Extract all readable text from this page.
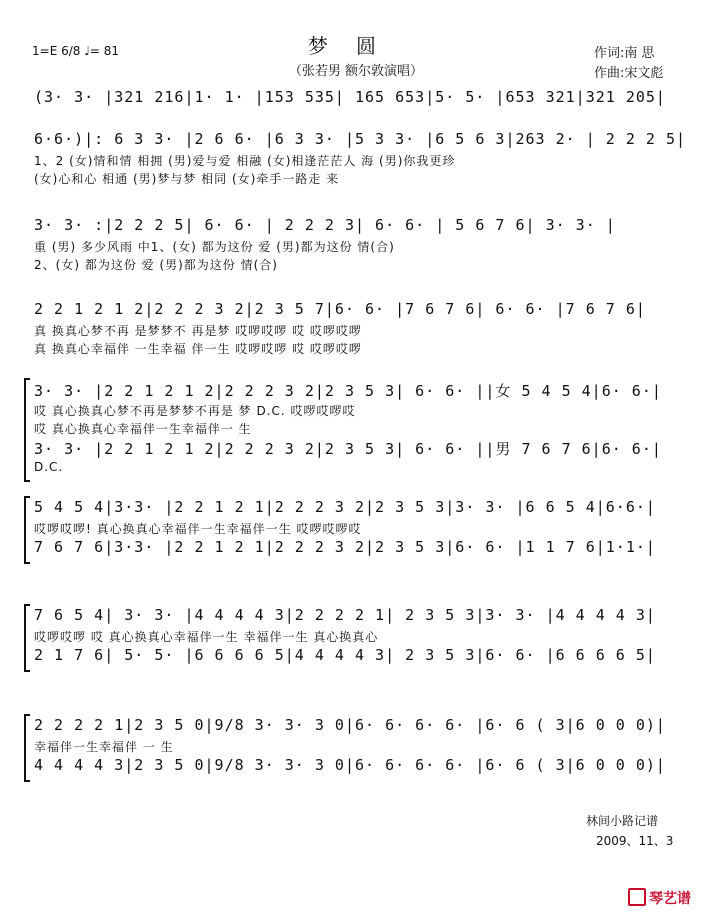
梦圆
（张若男 额尔敦演唱）
1=E 6/8 ♩= 81	作词:南 思
作曲:宋文彪
(3· 3· |321 216|1· 1· |153 535| 165 653|5· 5· |653 321|321 205|
6·6·)|: 6 3 3· |2 6 6· |6 3 3· |5 3 3· |6 5 6 3|263 2· | 2 2 2 5|
1、2 (女)情和情 相拥 (男)爱与爱 相融 (女)相逢茫茫人 海 (男)你我更珍
(女)心和心 相通 (男)梦与梦 相同 (女)牵手一路走 来
3· 3· :|2 2 2 5| 6· 6· | 2 2 2 3| 6· 6· | 5 6 7 6| 3· 3· |
重 (男) 多少风雨 中1、(女) 都为这份 爱 (男)都为这份 情(合)
2、(女) 都为这份 爱 (男)都为这份 情(合)
2 2 1 2 1 2|2 2 2 3 2|2 3 5 7|6· 6· |7 6 7 6| 6· 6· |7 6 7 6|
真 换真心梦不再 是梦梦不 再是梦 哎啰哎啰 哎 哎啰哎啰
真 换真心幸福伴 一生幸福 伴一生 哎啰哎啰 哎 哎啰哎啰
3· 3· |2 2 1 2 1 2|2 2 2 3 2|2 3 5 3| 6· 6· ||女 5 4 5 4|6· 6·|
哎 真心换真心梦不再是梦梦不再是 梦 D.C. 哎啰哎啰哎
哎 真心换真心幸福伴一生幸福伴一 生
3· 3· |2 2 1 2 1 2|2 2 2 3 2|2 3 5 3| 6· 6· ||男 7 6 7 6|6· 6·|
D.C.
5 4 5 4|3·3· |2 2 1 2 1|2 2 2 3 2|2 3 5 3|3· 3· |6 6 5 4|6·6·|
哎啰哎啰! 真心换真心幸福伴一生幸福伴一生 哎啰哎啰哎
7 6 7 6|3·3· |2 2 1 2 1|2 2 2 3 2|2 3 5 3|6· 6· |1 1 7 6|1·1·|
7 6 5 4| 3· 3· |4 4 4 4 3|2 2 2 2 1| 2 3 5 3|3· 3· |4 4 4 4 3|
哎啰哎啰 哎 真心换真心幸福伴一生 幸福伴一生 真心换真心
2 1 7 6| 5· 5· |6 6 6 6 5|4 4 4 4 3| 2 3 5 3|6· 6· |6 6 6 6 5|
2 2 2 2 1|2 3 5 0|9/8 3· 3· 3 0|6· 6· 6· 6· |6· 6 ( 3|6 0 0 0)|
幸福伴一生幸福伴 一 生
4 4 4 4 3|2 3 5 0|9/8 3· 3· 3 0|6· 6· 6· 6· |6· 6 ( 3|6 0 0 0)|
林间小路记谱
2009、11、3
琴艺谱
